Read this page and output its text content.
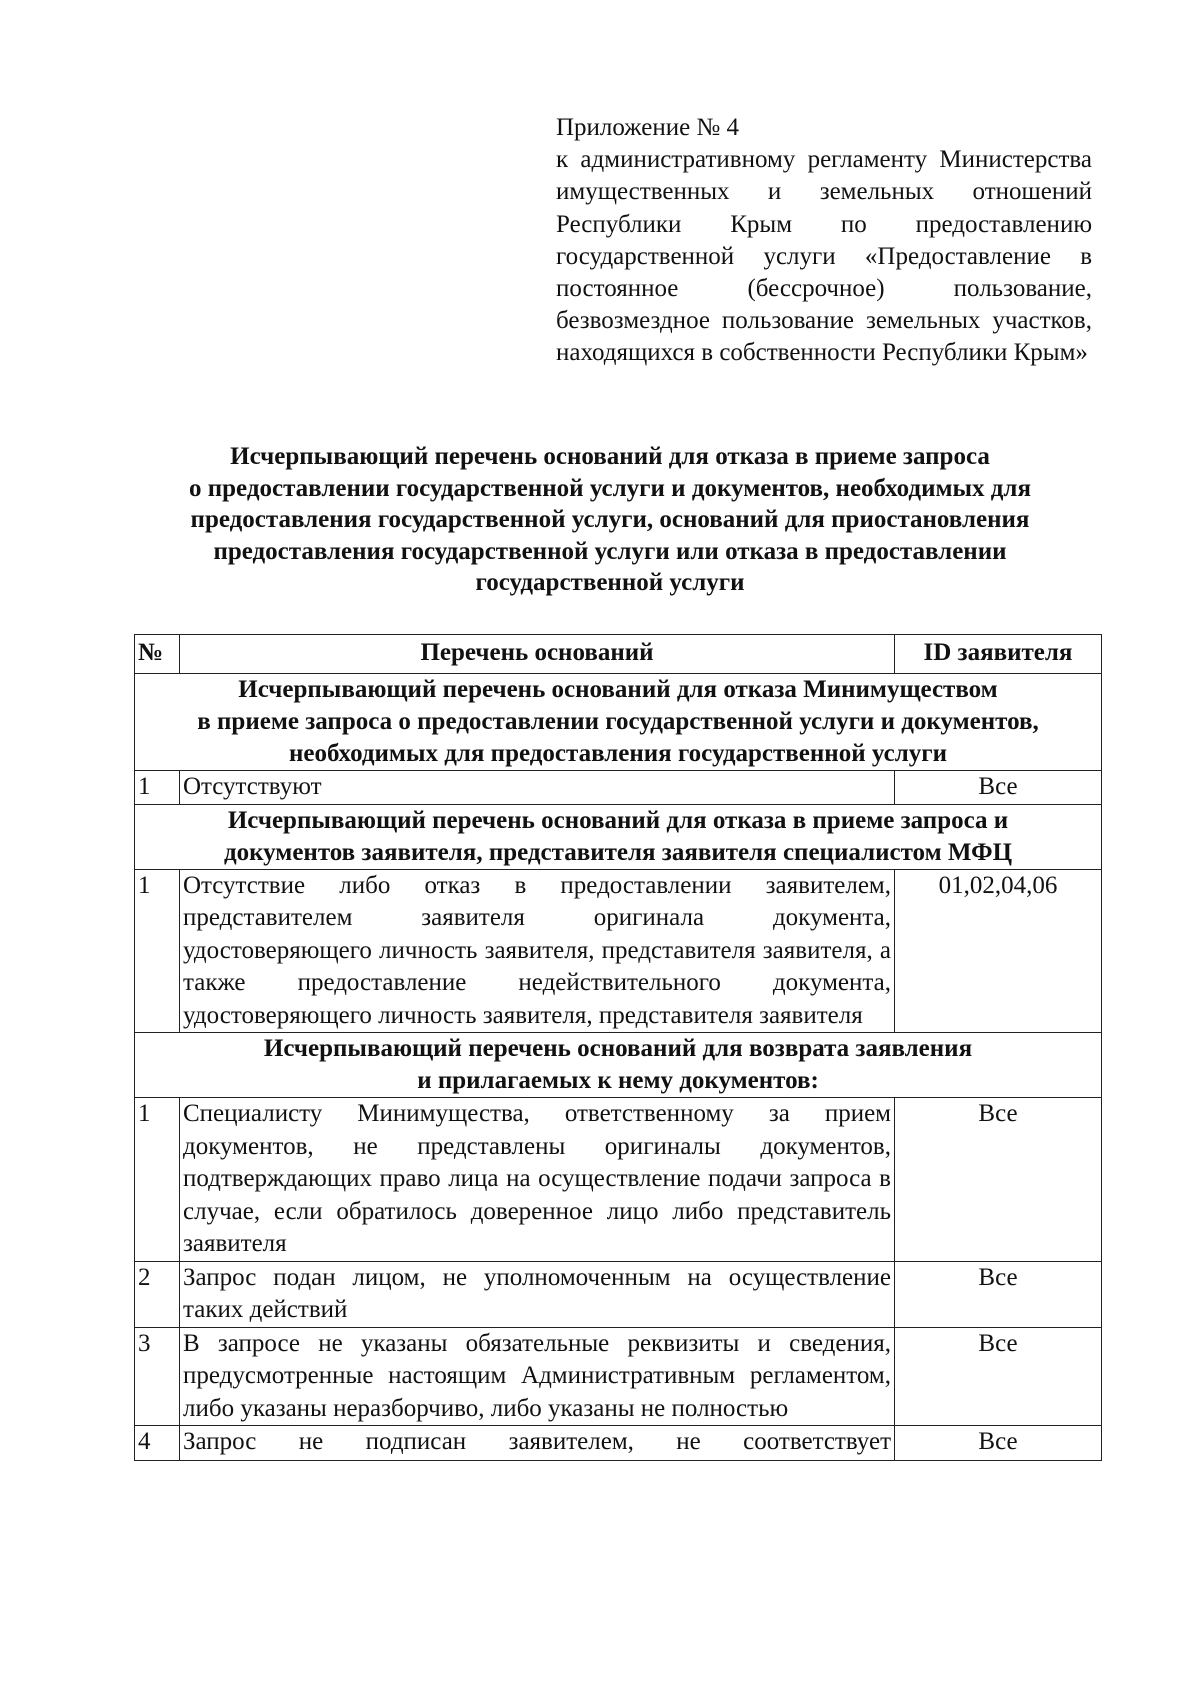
Приложение № 4
к административному регламенту Министерства имущественных и земельных отношений Республики Крым по предоставлению государственной услуги «Предоставление в постоянное (бессрочное) пользование, безвозмездное пользование земельных участков, находящихся в собственности Республики Крым»
Исчерпывающий перечень оснований для отказа в приеме запроса
о предоставлении государственной услуги и документов, необходимых для
предоставления государственной услуги, оснований для приостановления
предоставления государственной услуги или отказа в предоставлении
государственной услуги
№	Перечень оснований	ID заявителя

Исчерпывающий перечень оснований для отказа Минимуществом
в приеме запроса о предоставлении государственной услуги и документов,
необходимых для предоставления государственной услуги		

1	Отсутствуют	Все

Исчерпывающий перечень оснований для отказа в приеме запроса и
документов заявителя, представителя заявителя специалистом МФЦ		

1	Отсутствие либо отказ в предоставлении заявителем, представителем заявителя оригинала документа, удостоверяющего личность заявителя, представителя заявителя, а также предоставление недействительного документа, удостоверяющего личность заявителя, представителя заявителя	01,02,04,06

Исчерпывающий перечень оснований для возврата заявления
и прилагаемых к нему документов:		

1	Специалисту Минимущества, ответственному за прием документов, не представлены оригиналы документов, подтверждающих право лица на осуществление подачи запроса в случае, если обратилось доверенное лицо либо представитель заявителя	Все
2	Запрос подан лицом, не уполномоченным на осуществление таких действий	Все
3	В запросе не указаны обязательные реквизиты и сведения, предусмотренные настоящим Административным регламентом, либо указаны неразборчиво, либо указаны не полностью	Все
4	Запрос не подписан заявителем, не соответствует	Все
